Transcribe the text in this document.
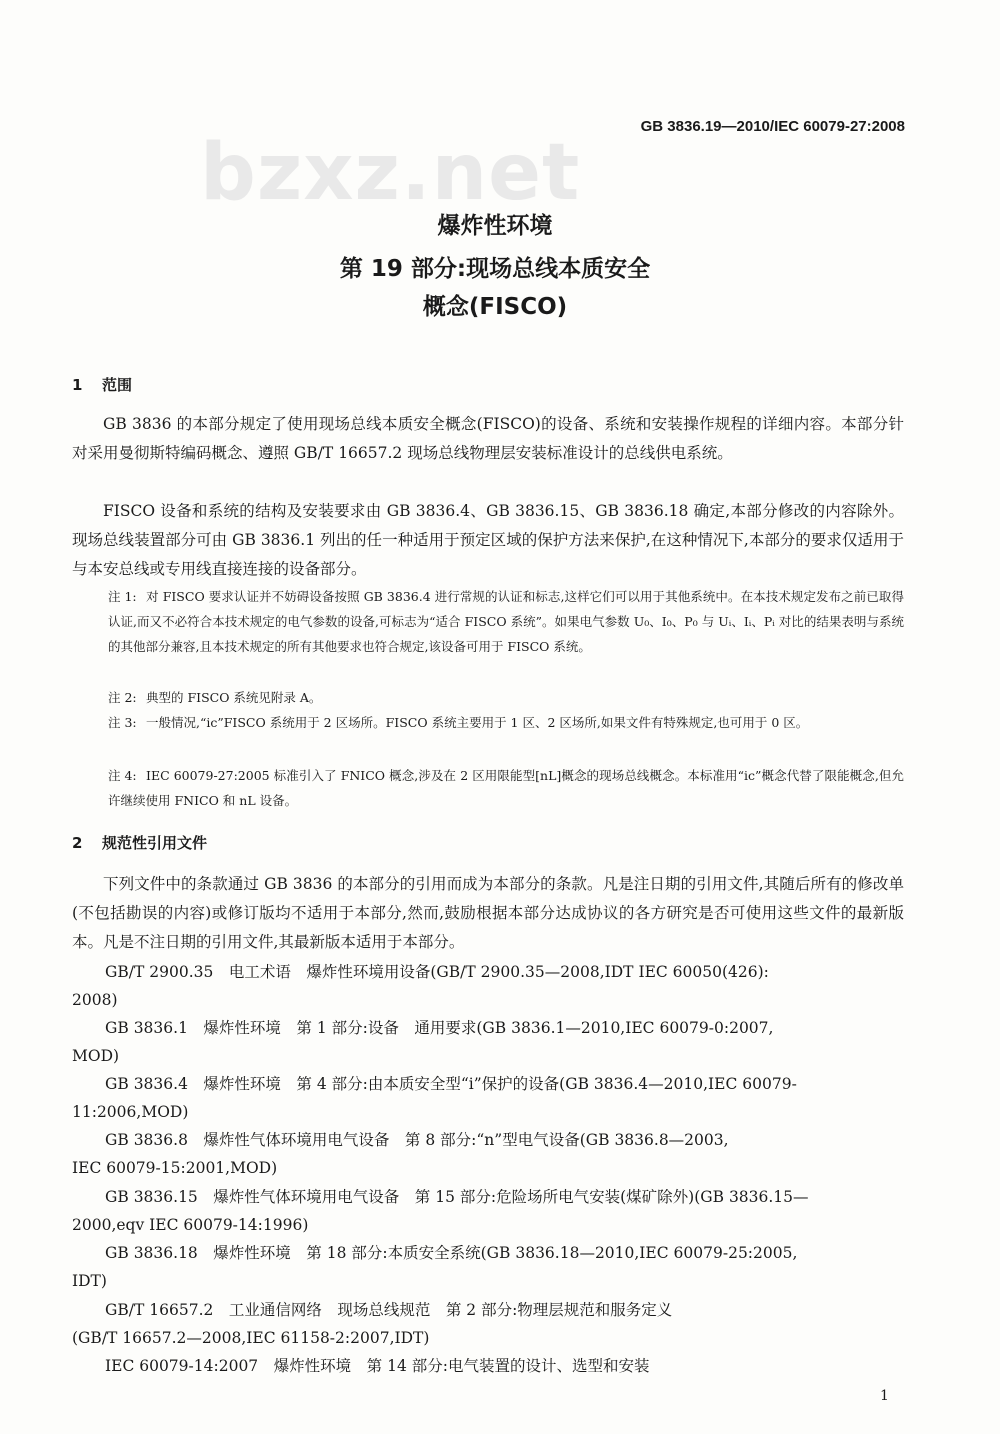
GB 3836.19—2010/IEC 60079-27:2008
bzxz.net
爆炸性环境
第 19 部分:现场总线本质安全
概念(FISCO)
1 范围
GB 3836 的本部分规定了使用现场总线本质安全概念(FISCO)的设备、系统和安装操作规程的详细内容。本部分针对采用曼彻斯特编码概念、遵照 GB/T 16657.2 现场总线物理层安装标准设计的总线供电系统。
FISCO 设备和系统的结构及安装要求由 GB 3836.4、GB 3836.15、GB 3836.18 确定,本部分修改的内容除外。现场总线装置部分可由 GB 3836.1 列出的任一种适用于预定区域的保护方法来保护,在这种情况下,本部分的要求仅适用于与本安总线或专用线直接连接的设备部分。
注 1: 对 FISCO 要求认证并不妨碍设备按照 GB 3836.4 进行常规的认证和标志,这样它们可以用于其他系统中。在本技术规定发布之前已取得认证,而又不必符合本技术规定的电气参数的设备,可标志为“适合 FISCO 系统”。如果电气参数 U₀、I₀、P₀ 与 Uᵢ、Iᵢ、Pᵢ 对比的结果表明与系统的其他部分兼容,且本技术规定的所有其他要求也符合规定,该设备可用于 FISCO 系统。
注 2: 典型的 FISCO 系统见附录 A。
注 3: 一般情况,“ic”FISCO 系统用于 2 区场所。FISCO 系统主要用于 1 区、2 区场所,如果文件有特殊规定,也可用于 0 区。
注 4: IEC 60079-27:2005 标准引入了 FNICO 概念,涉及在 2 区用限能型[nL]概念的现场总线概念。本标准用“ic”概念代替了限能概念,但允许继续使用 FNICO 和 nL 设备。
2 规范性引用文件
下列文件中的条款通过 GB 3836 的本部分的引用而成为本部分的条款。凡是注日期的引用文件,其随后所有的修改单(不包括勘误的内容)或修订版均不适用于本部分,然而,鼓励根据本部分达成协议的各方研究是否可使用这些文件的最新版本。凡是不注日期的引用文件,其最新版本适用于本部分。
GB/T 2900.35　电工术语　爆炸性环境用设备(GB/T 2900.35—2008,IDT IEC 60050(426):
2008)
GB 3836.1　爆炸性环境　第 1 部分:设备　通用要求(GB 3836.1—2010,IEC 60079-0:2007,
MOD)
GB 3836.4　爆炸性环境　第 4 部分:由本质安全型“i”保护的设备(GB 3836.4—2010,IEC 60079-
11:2006,MOD)
GB 3836.8　爆炸性气体环境用电气设备　第 8 部分:“n”型电气设备(GB 3836.8—2003,
IEC 60079-15:2001,MOD)
GB 3836.15　爆炸性气体环境用电气设备　第 15 部分:危险场所电气安装(煤矿除外)(GB 3836.15—
2000,eqv IEC 60079-14:1996)
GB 3836.18　爆炸性环境　第 18 部分:本质安全系统(GB 3836.18—2010,IEC 60079-25:2005,
IDT)
GB/T 16657.2　工业通信网络　现场总线规范　第 2 部分:物理层规范和服务定义
(GB/T 16657.2—2008,IEC 61158-2:2007,IDT)
IEC 60079-14:2007　爆炸性环境　第 14 部分:电气装置的设计、选型和安装
1
